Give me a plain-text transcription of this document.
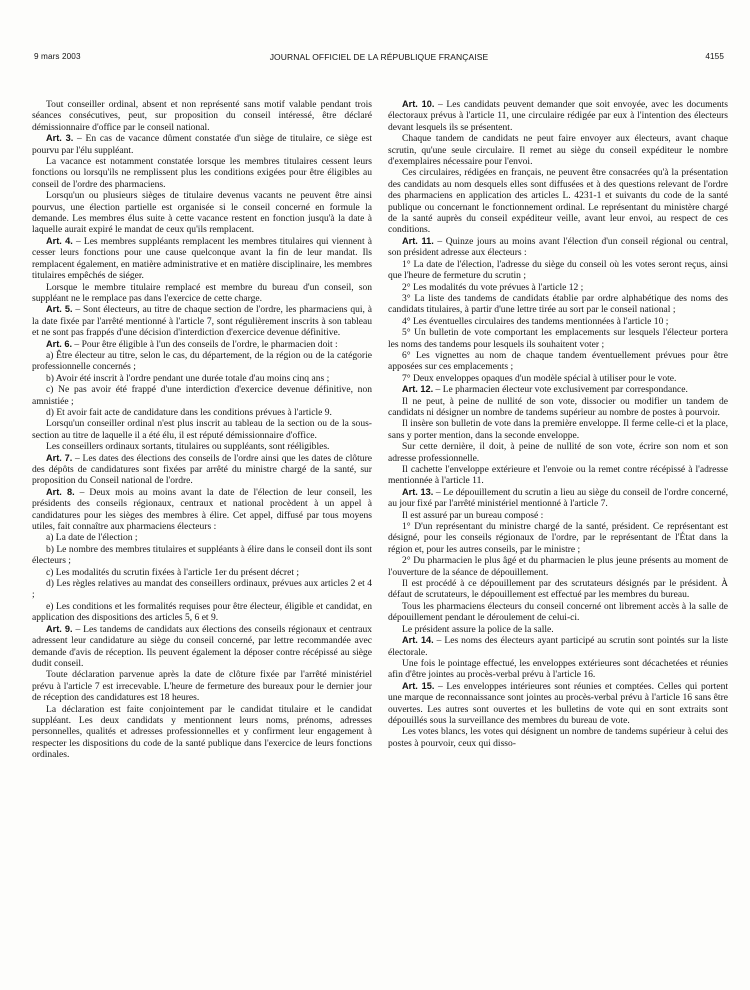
9 mars 2003	JOURNAL OFFICIEL DE LA RÉPUBLIQUE FRANÇAISE	4155

Tout conseiller ordinal, absent et non représenté sans motif valable pendant trois séances consécutives, peut, sur proposition du conseil intéressé, être déclaré démissionnaire d'office par le conseil national.

Art. 3. – En cas de vacance dûment constatée d'un siège de titulaire, ce siège est pourvu par l'élu suppléant.

La vacance est notamment constatée lorsque les membres titulaires cessent leurs fonctions ou lorsqu'ils ne remplissent plus les conditions exigées pour être éligibles au conseil de l'ordre des pharmaciens.

Lorsqu'un ou plusieurs sièges de titulaire devenus vacants ne peuvent être ainsi pourvus, une élection partielle est organisée si le conseil concerné en formule la demande. Les membres élus suite à cette vacance restent en fonction jusqu'à la date à laquelle aurait expiré le mandat de ceux qu'ils remplacent.

Art. 4. – Les membres suppléants remplacent les membres titulaires qui viennent à cesser leurs fonctions pour une cause quelconque avant la fin de leur mandat. Ils remplacent également, en matière administrative et en matière disciplinaire, les membres titulaires empêchés de siéger.

Lorsque le membre titulaire remplacé est membre du bureau d'un conseil, son suppléant ne le remplace pas dans l'exercice de cette charge.

Art. 5. – Sont électeurs, au titre de chaque section de l'ordre, les pharmaciens qui, à la date fixée par l'arrêté mentionné à l'article 7, sont régulièrement inscrits à son tableau et ne sont pas frappés d'une décision d'interdiction d'exercice devenue définitive.

Art. 6. – Pour être éligible à l'un des conseils de l'ordre, le pharmacien doit :

a) Être électeur au titre, selon le cas, du département, de la région ou de la catégorie professionnelle concernés ;

b) Avoir été inscrit à l'ordre pendant une durée totale d'au moins cinq ans ;

c) Ne pas avoir été frappé d'une interdiction d'exercice devenue définitive, non amnistiée ;

d) Et avoir fait acte de candidature dans les conditions prévues à l'article 9.

Lorsqu'un conseiller ordinal n'est plus inscrit au tableau de la section ou de la sous-section au titre de laquelle il a été élu, il est réputé démissionnaire d'office.

Les conseillers ordinaux sortants, titulaires ou suppléants, sont rééligibles.

Art. 7. – Les dates des élections des conseils de l'ordre ainsi que les dates de clôture des dépôts de candidatures sont fixées par arrêté du ministre chargé de la santé, sur proposition du Conseil national de l'ordre.

Art. 8. – Deux mois au moins avant la date de l'élection de leur conseil, les présidents des conseils régionaux, centraux et national procèdent à un appel à candidatures pour les sièges des membres à élire. Cet appel, diffusé par tous moyens utiles, fait connaître aux pharmaciens électeurs :

a) La date de l'élection ;

b) Le nombre des membres titulaires et suppléants à élire dans le conseil dont ils sont électeurs ;

c) Les modalités du scrutin fixées à l'article 1er du présent décret ;

d) Les règles relatives au mandat des conseillers ordinaux, prévues aux articles 2 et 4 ;

e) Les conditions et les formalités requises pour être électeur, éligible et candidat, en application des dispositions des articles 5, 6 et 9.

Art. 9. – Les tandems de candidats aux élections des conseils régionaux et centraux adressent leur candidature au siège du conseil concerné, par lettre recommandée avec demande d'avis de réception. Ils peuvent également la déposer contre récépissé au siège dudit conseil.

Toute déclaration parvenue après la date de clôture fixée par l'arrêté ministériel prévu à l'article 7 est irrecevable. L'heure de fermeture des bureaux pour le dernier jour de réception des candidatures est 18 heures.

La déclaration est faite conjointement par le candidat titulaire et le candidat suppléant. Les deux candidats y mentionnent leurs noms, prénoms, adresses personnelles, qualités et adresses professionnelles et y confirment leur engagement à respecter les dispositions du code de la santé publique dans l'exercice de leurs fonctions ordinales.

Art. 10. – Les candidats peuvent demander que soit envoyée, avec les documents électoraux prévus à l'article 11, une circulaire rédigée par eux à l'intention des électeurs devant lesquels ils se présentent.

Chaque tandem de candidats ne peut faire envoyer aux électeurs, avant chaque scrutin, qu'une seule circulaire. Il remet au siège du conseil expéditeur le nombre d'exemplaires nécessaire pour l'envoi.

Ces circulaires, rédigées en français, ne peuvent être consacrées qu'à la présentation des candidats au nom desquels elles sont diffusées et à des questions relevant de l'ordre des pharmaciens en application des articles L. 4231-1 et suivants du code de la santé publique ou concernant le fonctionnement ordinal. Le représentant du ministère chargé de la santé auprès du conseil expéditeur veille, avant leur envoi, au respect de ces conditions.

Art. 11. – Quinze jours au moins avant l'élection d'un conseil régional ou central, son président adresse aux électeurs :

1° La date de l'élection, l'adresse du siège du conseil où les votes seront reçus, ainsi que l'heure de fermeture du scrutin ;

2° Les modalités du vote prévues à l'article 12 ;

3° La liste des tandems de candidats établie par ordre alphabétique des noms des candidats titulaires, à partir d'une lettre tirée au sort par le conseil national ;

4° Les éventuelles circulaires des tandems mentionnées à l'article 10 ;

5° Un bulletin de vote comportant les emplacements sur lesquels l'électeur portera les noms des tandems pour lesquels ils souhaitent voter ;

6° Les vignettes au nom de chaque tandem éventuellement prévues pour être apposées sur ces emplacements ;

7° Deux enveloppes opaques d'un modèle spécial à utiliser pour le vote.

Art. 12. – Le pharmacien électeur vote exclusivement par correspondance.

Il ne peut, à peine de nullité de son vote, dissocier ou modifier un tandem de candidats ni désigner un nombre de tandems supérieur au nombre de postes à pourvoir.

Il insère son bulletin de vote dans la première enveloppe. Il ferme celle-ci et la place, sans y porter mention, dans la seconde enveloppe.

Sur cette dernière, il doit, à peine de nullité de son vote, écrire son nom et son adresse professionnelle.

Il cachette l'enveloppe extérieure et l'envoie ou la remet contre récépissé à l'adresse mentionnée à l'article 11.

Art. 13. – Le dépouillement du scrutin a lieu au siège du conseil de l'ordre concerné, au jour fixé par l'arrêté ministériel mentionné à l'article 7.

Il est assuré par un bureau composé :

1° D'un représentant du ministre chargé de la santé, président. Ce représentant est désigné, pour les conseils régionaux de l'ordre, par le représentant de l'État dans la région et, pour les autres conseils, par le ministre ;

2° Du pharmacien le plus âgé et du pharmacien le plus jeune présents au moment de l'ouverture de la séance de dépouillement.

Il est procédé à ce dépouillement par des scrutateurs désignés par le président. À défaut de scrutateurs, le dépouillement est effectué par les membres du bureau.

Tous les pharmaciens électeurs du conseil concerné ont librement accès à la salle de dépouillement pendant le déroulement de celui-ci.

Le président assure la police de la salle.

Art. 14. – Les noms des électeurs ayant participé au scrutin sont pointés sur la liste électorale.

Une fois le pointage effectué, les enveloppes extérieures sont décachetées et réunies afin d'être jointes au procès-verbal prévu à l'article 16.

Art. 15. – Les enveloppes intérieures sont réunies et comptées. Celles qui portent une marque de reconnaissance sont jointes au procès-verbal prévu à l'article 16 sans être ouvertes. Les autres sont ouvertes et les bulletins de vote qui en sont extraits sont dépouillés sous la surveillance des membres du bureau de vote.

Les votes blancs, les votes qui désignent un nombre de tandems supérieur à celui des postes à pourvoir, ceux qui disso-
